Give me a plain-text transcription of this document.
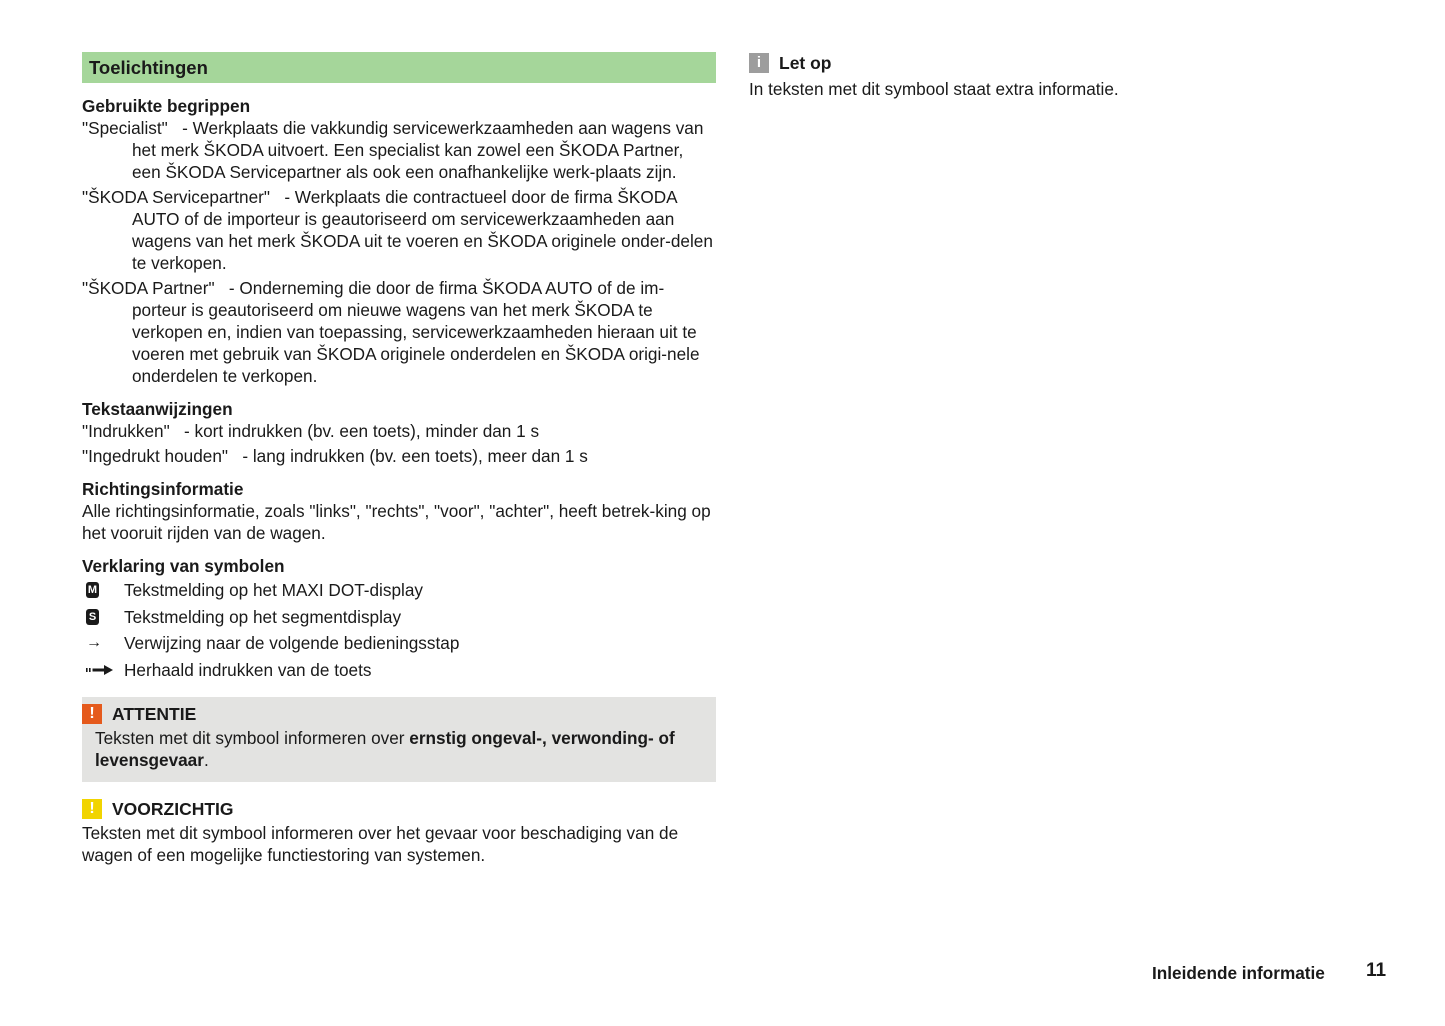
Toelichtingen
Gebruikte begrippen

"Specialist"   - Werkplaats die vakkundig servicewerkzaamheden aan wagens van het merk ŠKODA uitvoert. Een specialist kan zowel een ŠKODA Partner, een ŠKODA Servicepartner als ook een onafhankelijke werk-plaats zijn.

"ŠKODA Servicepartner"   - Werkplaats die contractueel door de firma ŠKODA AUTO of de importeur is geautoriseerd om servicewerkzaamheden aan wagens van het merk ŠKODA uit te voeren en ŠKODA originele onder-delen te verkopen.

"ŠKODA Partner"   - Onderneming die door de firma ŠKODA AUTO of de im-porteur is geautoriseerd om nieuwe wagens van het merk ŠKODA te verkopen en, indien van toepassing, servicewerkzaamheden hieraan uit te voeren met gebruik van ŠKODA originele onderdelen en ŠKODA origi-nele onderdelen te verkopen.

Tekstaanwijzingen

"Indrukken"   - kort indrukken (bv. een toets), minder dan 1 s

"Ingedrukt houden"   - lang indrukken (bv. een toets), meer dan 1 s

Richtingsinformatie

Alle richtingsinformatie, zoals "links", "rechts", "voor", "achter", heeft betrek-king op het vooruit rijden van de wagen.

Verklaring van symbolen
M Tekstmelding op het MAXI DOT-display
S Tekstmelding op het segmentdisplay
→ Verwijzing naar de volgende bedieningsstap
Herhaald indrukken van de toets
! ATTENTIE
Teksten met dit symbool informeren over ernstig ongeval-, verwonding- of levensgevaar.
! VOORZICHTIG

Teksten met dit symbool informeren over het gevaar voor beschadiging van de wagen of een mogelijke functiestoring van systemen.

i	Let op

In teksten met dit symbool staat extra informatie.

Inleidende informatie 11
